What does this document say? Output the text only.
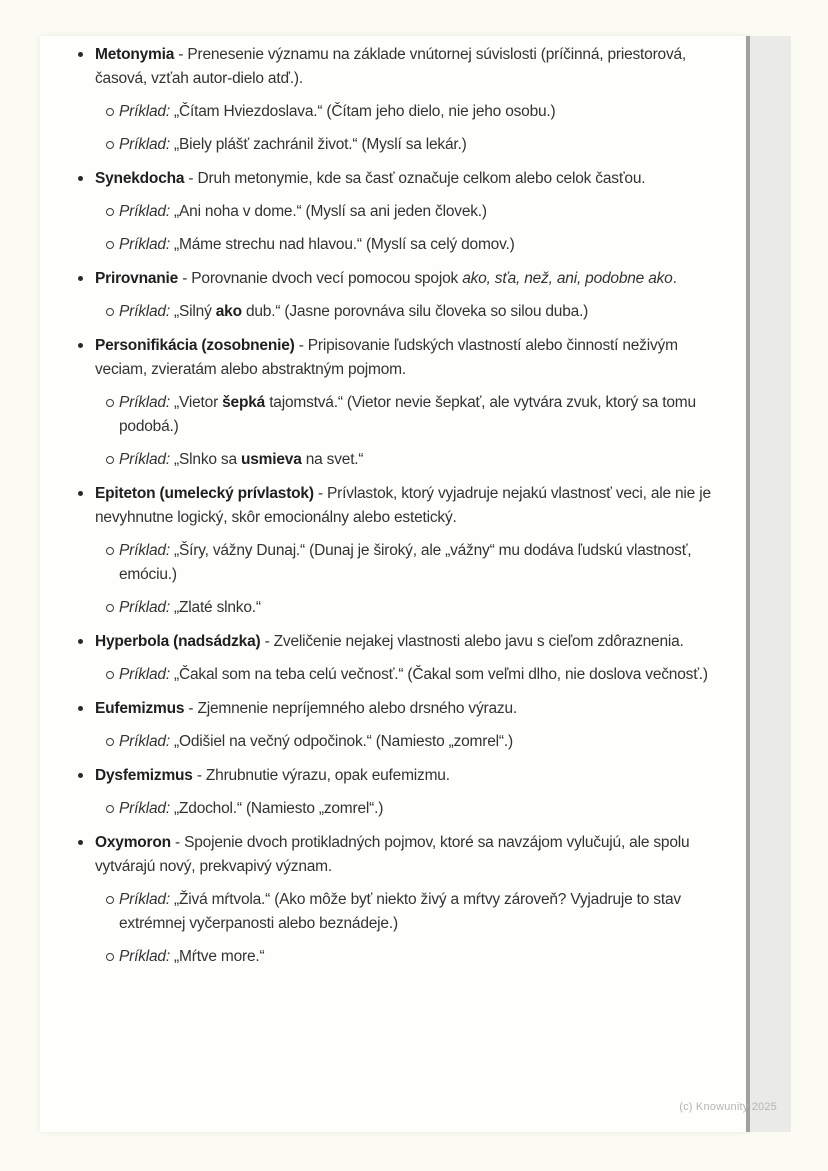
Metonymia - Prenesenie významu na základe vnútornej súvislosti (príčinná, priestorová, časová, vzťah autor-dielo atď.).
Príklad: „Čítam Hviezdoslava.“ (Čítam jeho dielo, nie jeho osobu.)
Príklad: „Biely plášť zachránil život.“ (Myslí sa lekár.)
Synekdocha - Druh metonymie, kde sa časť označuje celkom alebo celok časťou.
Príklad: „Ani noha v dome.“ (Myslí sa ani jeden človek.)
Príklad: „Máme strechu nad hlavou.“ (Myslí sa celý domov.)
Prirovnanie - Porovnanie dvoch vecí pomocou spojok ako, sťa, než, ani, podobne ako.
Príklad: „Silný ako dub.“ (Jasne porovnáva silu človeka so silou duba.)
Personifikácia (zosobnenie) - Pripisovanie ľudských vlastností alebo činností neživým veciam, zvieratám alebo abstraktným pojmom.
Príklad: „Vietor šepká tajomstvá.“ (Vietor nevie šepkať, ale vytvára zvuk, ktorý sa tomu podobá.)
Príklad: „Slnko sa usmieva na svet.“
Epiteton (umelecký prívlastok) - Prívlastok, ktorý vyjadruje nejakú vlastnosť veci, ale nie je nevyhnutne logický, skôr emocionálny alebo estetický.
Príklad: „Šíry, vážny Dunaj.“ (Dunaj je široký, ale „vážny“ mu dodáva ľudskú vlastnosť, emóciu.)
Príklad: „Zlaté slnko.“
Hyperbola (nadsádzka) - Zveličenie nejakej vlastnosti alebo javu s cieľom zdôraznenia.
Príklad: „Čakal som na teba celú večnosť.“ (Čakal som veľmi dlho, nie doslova večnosť.)
Eufemizmus - Zjemnenie nepríjemného alebo drsného výrazu.
Príklad: „Odišiel na večný odpočinok.“ (Namiesto „zomrel“.)
Dysfemizmus - Zhrubnutie výrazu, opak eufemizmu.
Príklad: „Zdochol.“ (Namiesto „zomrel“.)
Oxymoron - Spojenie dvoch protikladných pojmov, ktoré sa navzájom vylučujú, ale spolu vytvárajú nový, prekvapivý význam.
Príklad: „Živá mŕtvola.“ (Ako môže byť niekto živý a mŕtvy zároveň? Vyjadruje to stav extrémnej vyčerpanosti alebo beznádeje.)
Príklad: „Mŕtve more.“
(c) Knowunity 2025
